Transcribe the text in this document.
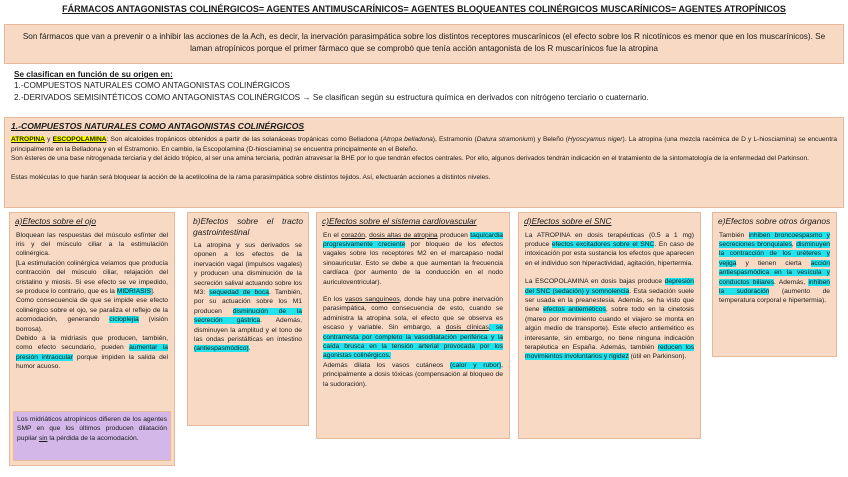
FÁRMACOS ANTAGONISTAS COLINÉRGICOS= AGENTES ANTIMUSCARÍNICOS= AGENTES BLOQUEANTES COLINÉRGICOS MUSCARÍNICOS= AGENTES ATROPÍNICOS
Son fármacos que van a prevenir o a inhibir las acciones de la Ach, es decir, la inervación parasimpática sobre los distintos receptores muscarínicos (el efecto sobre los R nicotínicos es menor que en los muscarínicos). Se laman atropínicos porque el primer fármaco que se comprobó que tenía acción antagonista de los R muscarínicos fue la atropina
Se clasifican en función de su origen en:
1.-COMPUESTOS NATURALES COMO ANTAGONISTAS COLINÉRGICOS
2.-DERIVADOS SEMISINTÉTICOS COMO ANTAGONISTAS COLINÉRGICOS → Se clasifican según su estructura química en derivados con nitrógeno terciario o cuaternario.
1.-COMPUESTOS NATURALES COMO ANTAGONISTAS COLINÉRGICOS

ATROPINA y ESCOPOLAMINA: Son alcaloides tropánicos obtenidos a partir de las solanáceas tropánicas como Belladona (Atropa belladona), Estramonio (Datura stramonium) y Beleño (Hyoscyamus niger). La atropina (una mezcla racémica de D y L-hiosciamina) se encuentra principalmente en la Belladona y en el Estramonio. En cambio, la Escopolamina (D-hiosciamina) se encuentra principalmente en el Beleño.

Son ésteres de una base nitrogenada terciaria y del ácido trópico, al ser una amina terciaria, podrán atravesar la BHE por lo que tendrán efectos centrales. Por ello, algunos derivados tendrán indicación en el tratamiento de la sintomatología de la enfermedad del Parkinson.

Estas moléculas lo que harán será bloquear la acción de la acetilcolina de la rama parasimpática sobre distintos tejidos. Así, efectuarán acciones a distintos niveles.

a)Efectos sobre el ojo
Bloquean las respuestas del músculo esfínter del iris y del músculo ciliar a la estimulación colinérgica.
[La estimulación colinérgica veíamos que producía contracción del músculo ciliar, relajación del cristalino y miosis. Si ese efecto se ve impedido, se produce lo contrario, que es la MIDRIASIS].
Como consecuencia de que se impide ese efecto colinérgico sobre el ojo, se paraliza el reflejo de la acomodación, generando cicloplejía (visión borrosa).
Debido a la midriasis que producen, también, como efecto secundario, pueden aumentar la presión intraocular porque impiden la salida del humor acuoso.
Los midriáticos atropínicos difieren de los agentes SMP en que los últimos producen dilatación pupilar sin la pérdida de la acomodación.
b)Efectos sobre el tracto gastrointestinal
La atropina y sus derivados se oponen a los efectos de la inervación vagal (impulsos vagales) y producen una disminución de la secreción salival actuando sobre los M3: sequedad de boca. También, por su actuación sobre los M1 producen disminución de la secreción gástrica. Además, disminuyen la amplitud y el tono de las ondas peristálticas en intestino (antiespasmódico).
c)Efectos sobre el sistema cardiovascular
En el corazón, dosis altas de atropina producen taquicardia progresivamente creciente por bloqueo de los efectos vagales sobre los receptores M2 en el marcapaso nodal sinoauricular. Esto se debe a que aumentan la frecuencia cardíaca (por aumento de la conducción en el nodo auriculoventricular).
En los vasos sanguíneos, donde hay una pobre inervación parasimpática, como consecuencia de esto, cuando se administra la atropina sola, el efecto que se observa es escaso y variable. Sin embargo, a dosis clínicas, se contrarresta por completo la vasodilatación periférica y la caída brusca en la tensión arterial provocada por los agonistas colinérgicos.
Además dilata los vasos cutáneos (calor y rubor), principalmente a dosis tóxicas (compensación al bloqueo de la sudoración).
d)Efectos sobre el SNC
La ATROPINA en dosis terapéuticas (0.5 a 1 mg) produce efectos excitadores sobre el SNC. En caso de intoxicación por esta sustancia los efectos que aparecen en el individuo son hiperactividad, agitación, hipertermia.
La ESCOPOLAMINA en dosis bajas produce depresión del SNC (sedación) y somnolencia. Esta sedación suele ser usada en la preanestesia. Además, se ha visto que tiene efectos antieméticos, sobre todo en la cinetosis (mareo por movimiento cuando el viajero se monta en algún medio de transporte). Este efecto antiemético es interesante, sin embargo, no tiene ninguna indicación terapéutica en España. Además, también reducen los movimientos involuntarios y rigidez (útil en Parkinson).
e)Efectos sobre otros órganos
También inhiben broncoespasmo y secreciones bronquiales, disminuyen la contracción de los uréteres y vejiga y tienen cierta acción antiespasmódica en la vesícula y conductos biliares. Además, inhiben la sudoración (aumento de temperatura corporal e hipertermia).
